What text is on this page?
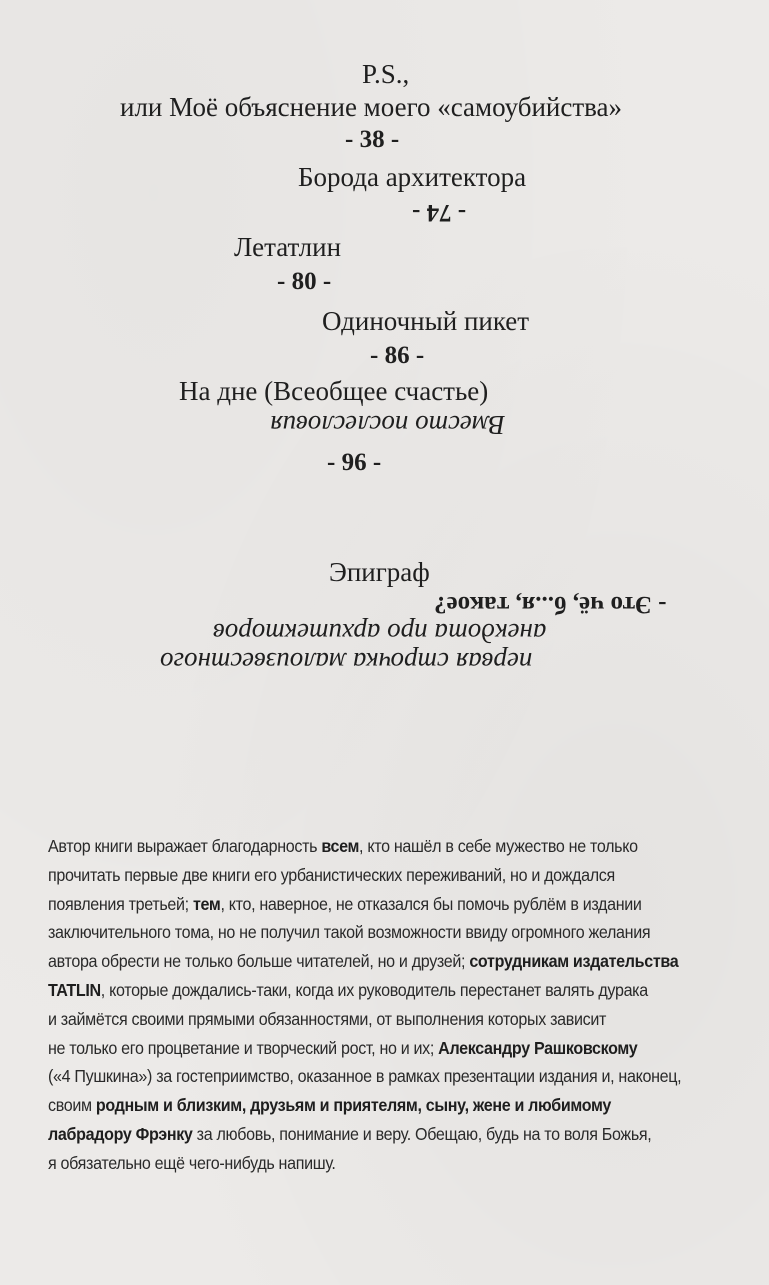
P.S.,
или Моё объяснение моего «самоубийства»
- 38 -
Борода архитектора
- 74 -
Летатлин
- 80 -
Одиночный пикет
- 86 -
На дне (Всеобщее счастье)
Вместо послесловия
- 96 -
Эпиграф
- Это чё, б...я, такое?
анекдота про архитекторов
первая строчка малоизвестного
Автор книги выражает благодарность всем, кто нашёл в себе мужество не только
прочитать первые две книги его урбанистических переживаний, но и дождался
появления третьей; тем, кто, наверное, не отказался бы помочь рублём в издании
заключительного тома, но не получил такой возможности ввиду огромного желания
автора обрести не только больше читателей, но и друзей; сотрудникам издательства
TATLIN, которые дождались-таки, когда их руководитель перестанет валять дурака
и займётся своими прямыми обязанностями, от выполнения которых зависит
не только его процветание и творческий рост, но и их; Александру Рашковскому
(«4 Пушкина») за гостеприимство, оказанное в рамках презентации издания и, наконец,
своим родным и близким, друзьям и приятелям, сыну, жене и любимому
лабрадору Фрэнку за любовь, понимание и веру. Обещаю, будь на то воля Божья,
я обязательно ещё чего-нибудь напишу.
